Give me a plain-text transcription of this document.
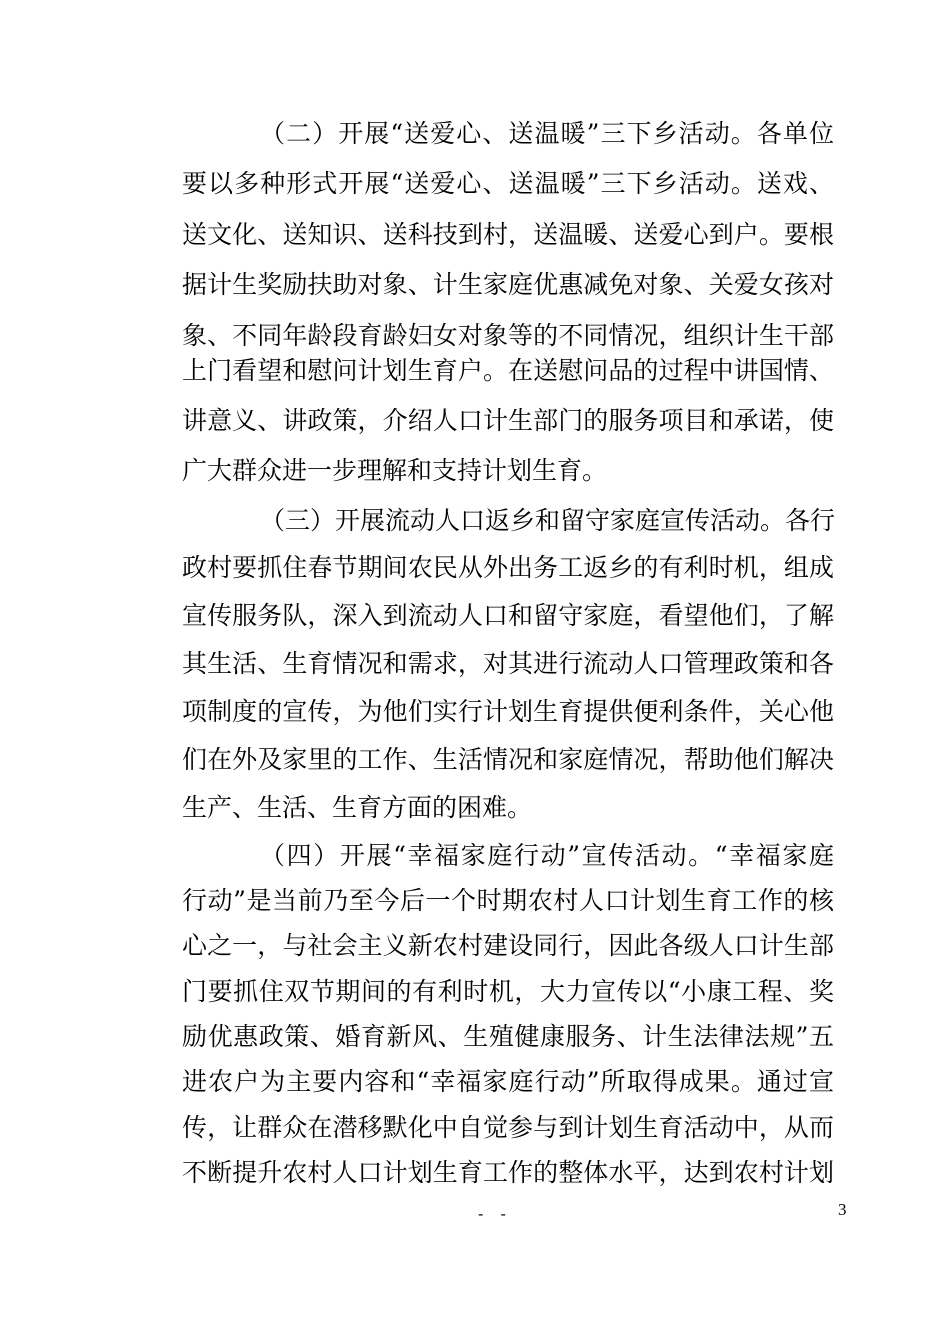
（二）开展“送爱心、送温暖”三下乡活动。各单位
要以多种形式开展“送爱心、送温暖”三下乡活动。送戏、
送文化、送知识、送科技到村，送温暖、送爱心到户。要根
据计生奖励扶助对象、计生家庭优惠减免对象、关爱女孩对
象、不同年龄段育龄妇女对象等的不同情况，组织计生干部
上门看望和慰问计划生育户。在送慰问品的过程中讲国情、
讲意义、讲政策，介绍人口计生部门的服务项目和承诺，使
广大群众进一步理解和支持计划生育。
（三）开展流动人口返乡和留守家庭宣传活动。各行
政村要抓住春节期间农民从外出务工返乡的有利时机，组成
宣传服务队，深入到流动人口和留守家庭，看望他们，了解
其生活、生育情况和需求，对其进行流动人口管理政策和各
项制度的宣传，为他们实行计划生育提供便利条件，关心他
们在外及家里的工作、生活情况和家庭情况，帮助他们解决
生产、生活、生育方面的困难。
（四）开展“幸福家庭行动”宣传活动。“幸福家庭
行动”是当前乃至今后一个时期农村人口计划生育工作的核
心之一，与社会主义新农村建设同行，因此各级人口计生部
门要抓住双节期间的有利时机，大力宣传以“小康工程、奖
励优惠政策、婚育新风、生殖健康服务、计生法律法规”五
进农户为主要内容和“幸福家庭行动”所取得成果。通过宣
传，让群众在潜移默化中自觉参与到计划生育活动中，从而
不断提升农村人口计划生育工作的整体水平，达到农村计划
- -	3
